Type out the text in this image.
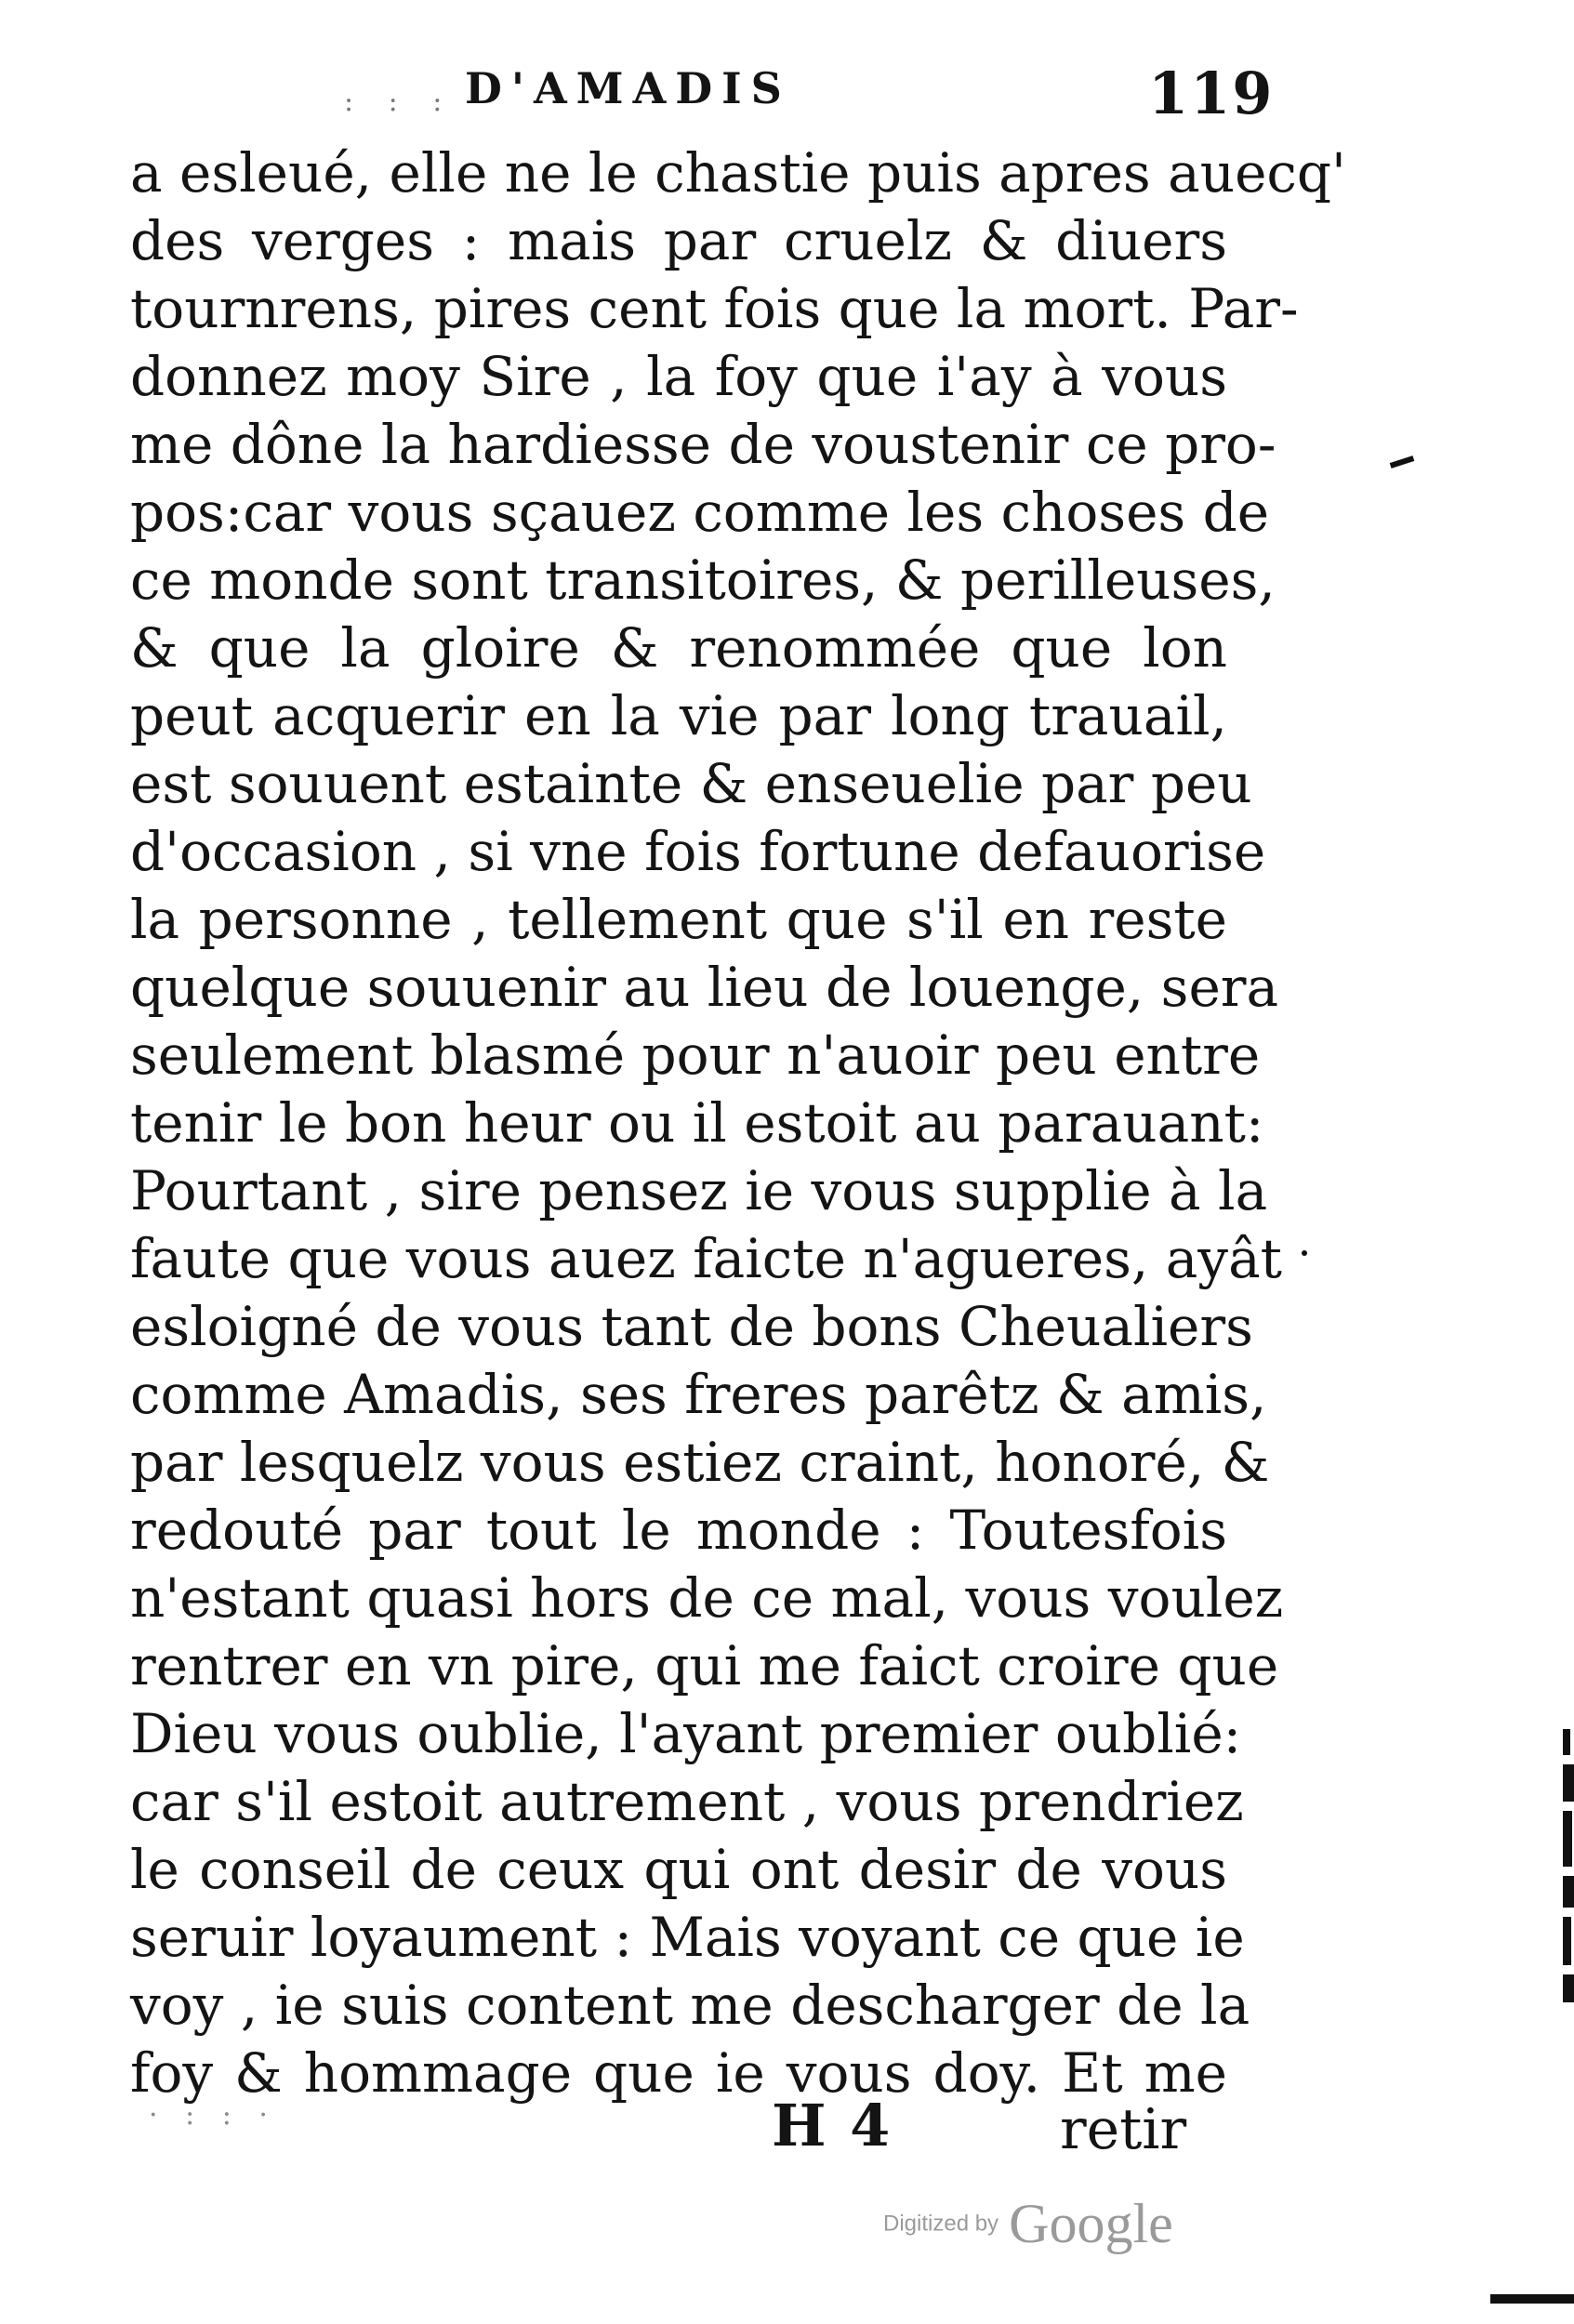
: : : D'AMADIS	119
a esleué, elle ne le chastie puis apres auecq'
des verges : mais par cruelz & diuers
tournrens, pires cent fois que la mort. Par-
donnez moy Sire , la foy que i'ay à vous
me dône la hardiesse de voustenir ce pro-
pos:car vous sçauez comme les choses de
ce monde sont transitoires, & perilleuses,
& que la gloire & renommée que lon
peut acquerir en la vie par long trauail,
est souuent estainte & enseuelie par peu
d'occasion , si vne fois fortune defauorise
la personne , tellement que s'il en reste
quelque souuenir au lieu de louenge, sera
seulement blasmé pour n'auoir peu entre
tenir le bon heur ou il estoit au parauant:
Pourtant , sire pensez ie vous supplie à la
faute que vous auez faicte n'agueres, ayât
esloigné de vous tant de bons Cheualiers
comme Amadis, ses freres parêtz & amis,
par lesquelz vous estiez craint, honoré, &
redouté par tout le monde : Toutesfois
n'estant quasi hors de ce mal, vous voulez
rentrer en vn pire, qui me faict croire que
Dieu vous oublie, l'ayant premier oublié:
car s'il estoit autrement , vous prendriez
le conseil de ceux qui ont desir de vous
seruir loyaument : Mais voyant ce que ie
voy , ie suis content me descharger de la
foy & hommage que ie vous doy. Et me
· : : ·	H 4	retir
Digitized by Google
